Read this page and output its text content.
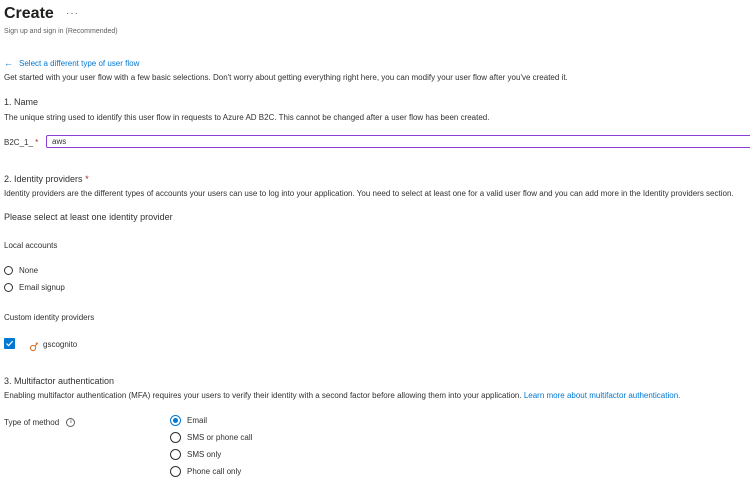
Create ···
Sign up and sign in (Recommended)
← Select a different type of user flow
Get started with your user flow with a few basic selections. Don't worry about getting everything right here, you can modify your user flow after you've created it.
1. Name
The unique string used to identify this user flow in requests to Azure AD B2C. This cannot be changed after a user flow has been created.
B2C_1_ *	aws
2. Identity providers *
Identity providers are the different types of accounts your users can use to log into your application. You need to select at least one for a valid user flow and you can add more in the Identity providers section.
Please select at least one identity provider
Local accounts
None
Email signup
Custom identity providers
gscognito
3. Multifactor authentication
Enabling multifactor authentication (MFA) requires your users to verify their identity with a second factor before allowing them into your application. Learn more about multifactor authentication.
Type of method i	Email
SMS or phone call
SMS only
Phone call only
